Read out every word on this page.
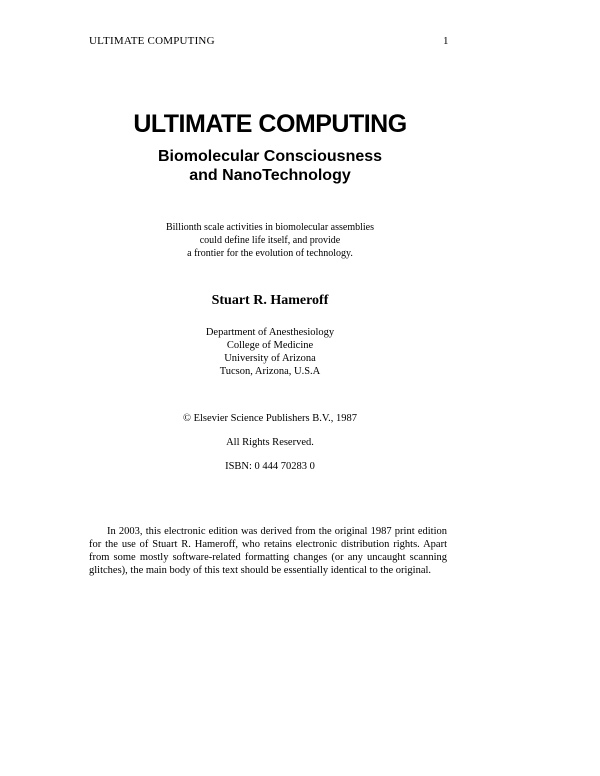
ULTIMATE COMPUTING	1
ULTIMATE COMPUTING
Biomolecular Consciousness
and NanoTechnology
Billionth scale activities in biomolecular assemblies
could define life itself, and provide
a frontier for the evolution of technology.
Stuart R. Hameroff
Department of Anesthesiology
College of Medicine
University of Arizona
Tucson, Arizona, U.S.A
© Elsevier Science Publishers B.V., 1987
All Rights Reserved.
ISBN: 0 444 70283 0

In 2003, this electronic edition was derived from the original 1987 print edition for the use of Stuart R. Hameroff, who retains electronic distribution rights. Apart from some mostly software-related formatting changes (or any uncaught scanning glitches), the main body of this text should be essentially identical to the original.
